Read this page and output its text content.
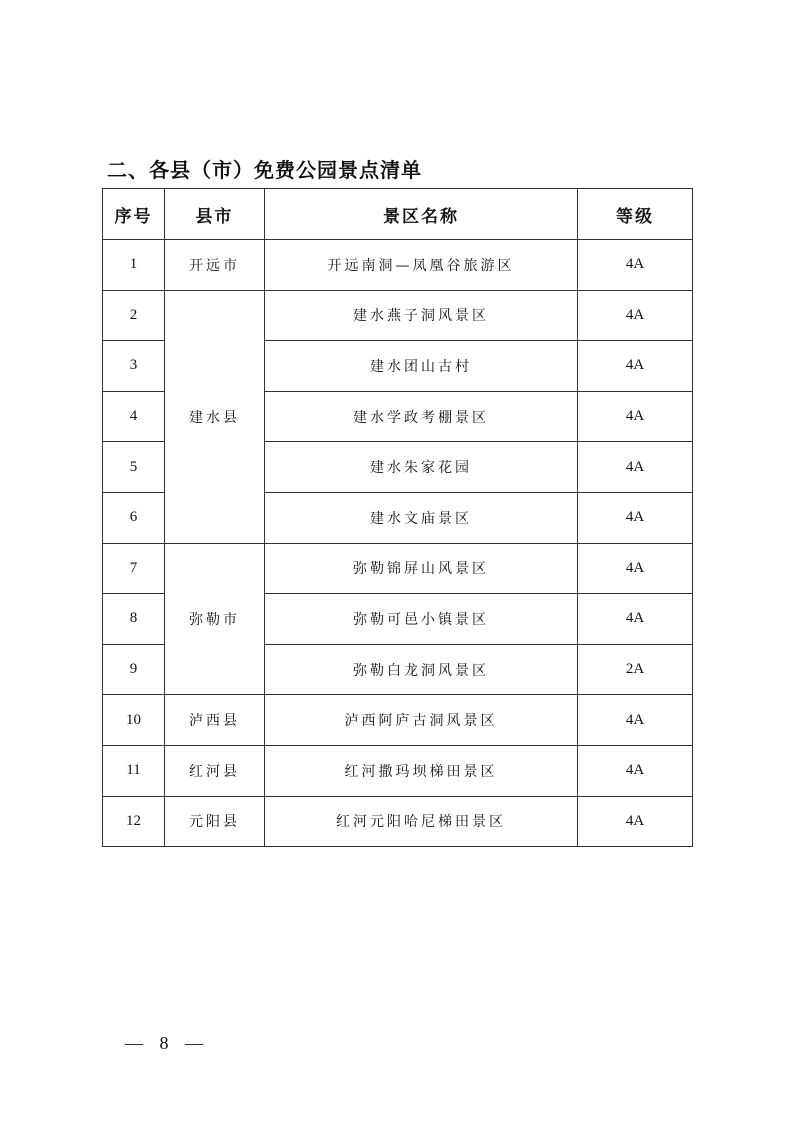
二、各县（市）免费公园景点清单
序号	县市	景区名称	等级
1	开远市	开远南洞—凤凰谷旅游区	4A
2	建水县	建水燕子洞风景区	4A
3		建水团山古村	4A
4		建水学政考棚景区	4A
5		建水朱家花园	4A
6		建水文庙景区	4A
7	弥勒市	弥勒锦屏山风景区	4A
8		弥勒可邑小镇景区	4A
9		弥勒白龙洞风景区	2A
10	泸西县	泸西阿庐古洞风景区	4A
11	红河县	红河撒玛坝梯田景区	4A
12	元阳县	红河元阳哈尼梯田景区	4A
— 8 —
